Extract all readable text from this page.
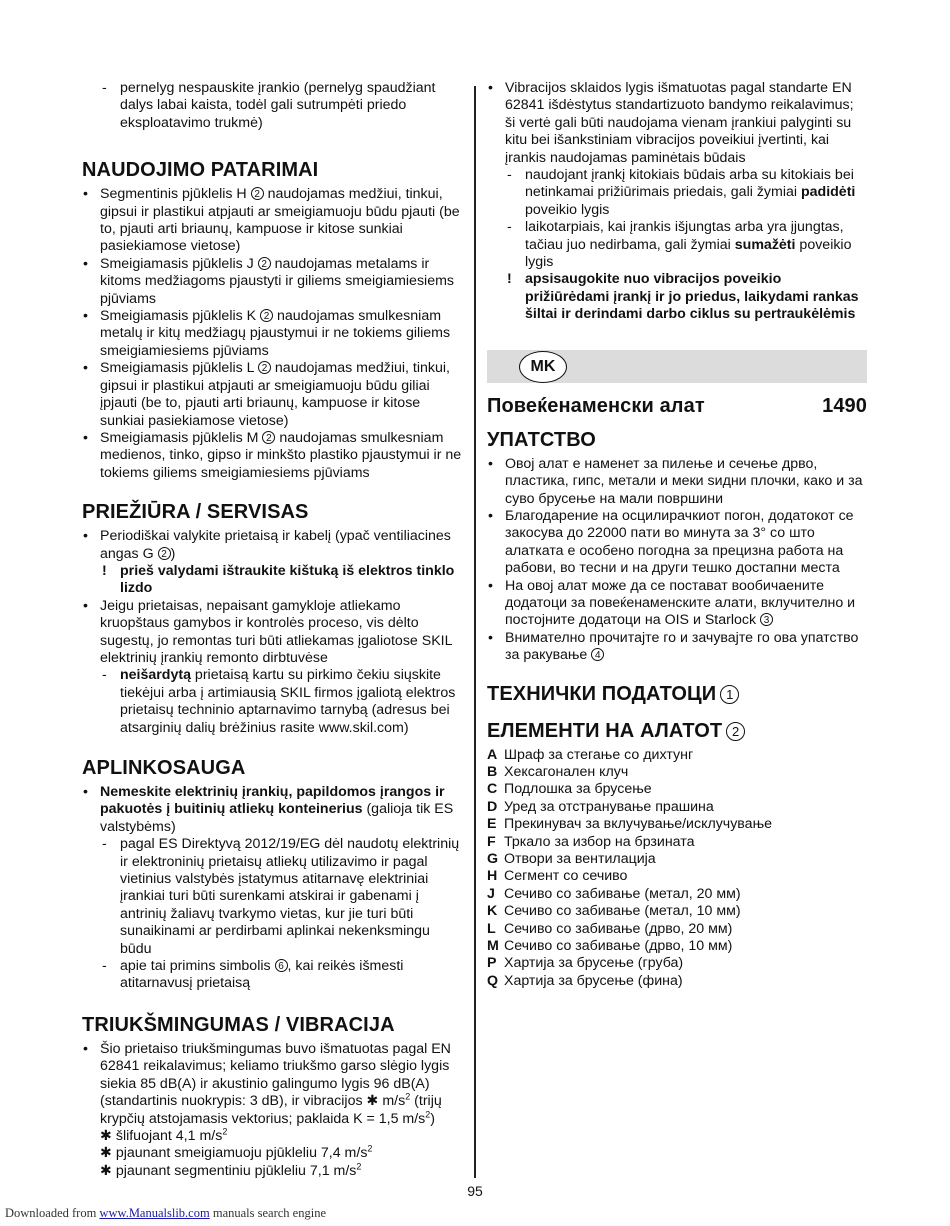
- pernelyg nespauskite įrankio (pernelyg spaudžiant dalys labai kaista, todėl gali sutrumpėti priedo eksploatavimo trukmė)
NAUDOJIMO PATARIMAI
• Segmentinis pjūklelis H 2 naudojamas medžiui, tinkui, gipsui ir plastikui atpjauti ar smeigiamuoju būdu pjauti (be to, pjauti arti briaunų, kampuose ir kitose sunkiai pasiekiamose vietose)
• Smeigiamasis pjūklelis J 2 naudojamas metalams ir kitoms medžiagoms pjaustyti ir giliems smeigiamiesiems pjūviams
• Smeigiamasis pjūklelis K 2 naudojamas smulkesniam metalų ir kitų medžiagų pjaustymui ir ne tokiems giliems smeigiamiesiems pjūviams
• Smeigiamasis pjūklelis L 2 naudojamas medžiui, tinkui, gipsui ir plastikui atpjauti ar smeigiamuoju būdu giliai įpjauti (be to, pjauti arti briaunų, kampuose ir kitose sunkiai pasiekiamose vietose)
• Smeigiamasis pjūklelis M 2 naudojamas smulkesniam medienos, tinko, gipso ir minkšto plastiko pjaustymui ir ne tokiems giliems smeigiamiesiems pjūviams
PRIEŽIŪRA / SERVISAS
• Periodiškai valykite prietaisą ir kabelį (ypač ventiliacines angas G 2 )
! prieš valydami ištraukite kištuką iš elektros tinklo lizdo
• Jeigu prietaisas, nepaisant gamykloje atliekamo kruopštaus gamybos ir kontrolės proceso, vis dėlto sugestų, jo remontas turi būti atliekamas įgaliotose SKIL elektrinių įrankių remonto dirbtuvėse
- neišardytą prietaisą kartu su pirkimo čekiu siųskite tiekėjui arba į artimiausią SKIL firmos įgaliotą elektros prietaisų techninio aptarnavimo tarnybą (adresus bei atsarginių dalių brėžinius rasite www.skil.com)
APLINKOSAUGA
• Nemeskite elektrinių įrankių, papildomos įrangos ir pakuotės į buitinių atliekų konteinerius (galioja tik ES valstybėms)
- pagal ES Direktyvą 2012/19/EG dėl naudotų elektrinių ir elektroninių prietaisų atliekų utilizavimo ir pagal vietinius valstybės įstatymus atitarnavę elektriniai įrankiai turi būti surenkami atskirai ir gabenami į antrinių žaliavų tvarkymo vietas, kur jie turi būti sunaikinami ar perdirbami aplinkai nekenksmingu būdu
- apie tai primins simbolis 6 , kai reikės išmesti atitarnavusį prietaisą
TRIUKŠMINGUMAS / VIBRACIJA
• Šio prietaiso triukšmingumas buvo išmatuotas pagal EN 62841 reikalavimus; keliamo triukšmo garso slėgio lygis siekia 85 dB(A) ir akustinio galingumo lygis 96 dB(A) (standartinis nuokrypis: 3 dB), ir vibracijos ✱ $m/s^2$ (trijų krypčių atstojamasis vektorius; paklaida K = 1,5 $m/s^2$)
✱ šlifuojant 4,1 $m/s^2$
✱ pjaunant smeigiamuoju pjūkleliu 7,4 $m/s^2$
✱ pjaunant segmentiniu pjūkleliu 7,1 $m/s^2$
• Vibracijos sklaidos lygis išmatuotas pagal standarte EN 62841 išdėstytus standartizuoto bandymo reikalavimus; ši vertė gali būti naudojama vienam įrankiui palyginti su kitu bei išankstiniam vibracijos poveikiui įvertinti, kai įrankis naudojamas paminėtais būdais
- naudojant įrankį kitokiais būdais arba su kitokiais bei netinkamai prižiūrimais priedais, gali žymiai padidėti poveikio lygis
- laikotarpiais, kai įrankis išjungtas arba yra įjungtas, tačiau juo nedirbama, gali žymiai sumažėti poveikio lygis
! apsisaugokite nuo vibracijos poveikio prižiūrėdami įrankį ir jo priedus, laikydami rankas šiltai ir derindami darbo ciklus su pertraukėlėmis
MK
Повеќенаменски алат	1490
УПАТСТВО
• Овој алат е наменет за пилење и сечење дрво, пластика, гипс, метали и меки ѕидни плочки, како и за суво брусење на мали површини
• Благодарение на осцилирачкиот погон, додатокот се закосува до 22000 пати во минута за 3° со што алатката е особено погодна за прецизна работа на рабови, во тесни и на други тешко достапни места
• На овој алат може да се постават вообичаените додатоци за повеќенаменските алати, вклучително и постојните додатоци на OIS и Starlock 3
• Внимателно прочитајте го и зачувајте го ова упатство за ракување 4
ТЕХНИЧКИ ПОДАТОЦИ 1
ЕЛЕМЕНТИ НА АЛАТОТ 2
A Шраф за стегање со дихтунг
B Хексагонален клуч
C Подлошка за брусење
D Уред за отстранување прашина
E Прекинувач за вклучување/исклучување
F Тркало за избор на брзината
G Отвори за вентилација
H Сегмент со сечиво
J Сечиво со забивање (метал, 20 мм)
K Сечиво со забивање (метал, 10 мм)
L Сечиво со забивање (дрво, 20 мм)
M Сечиво со забивање (дрво, 10 мм)
P Хартија за брусење (груба)
Q Хартија за брусење (фина)
95
Downloaded from www.Manualslib.com manuals search engine
